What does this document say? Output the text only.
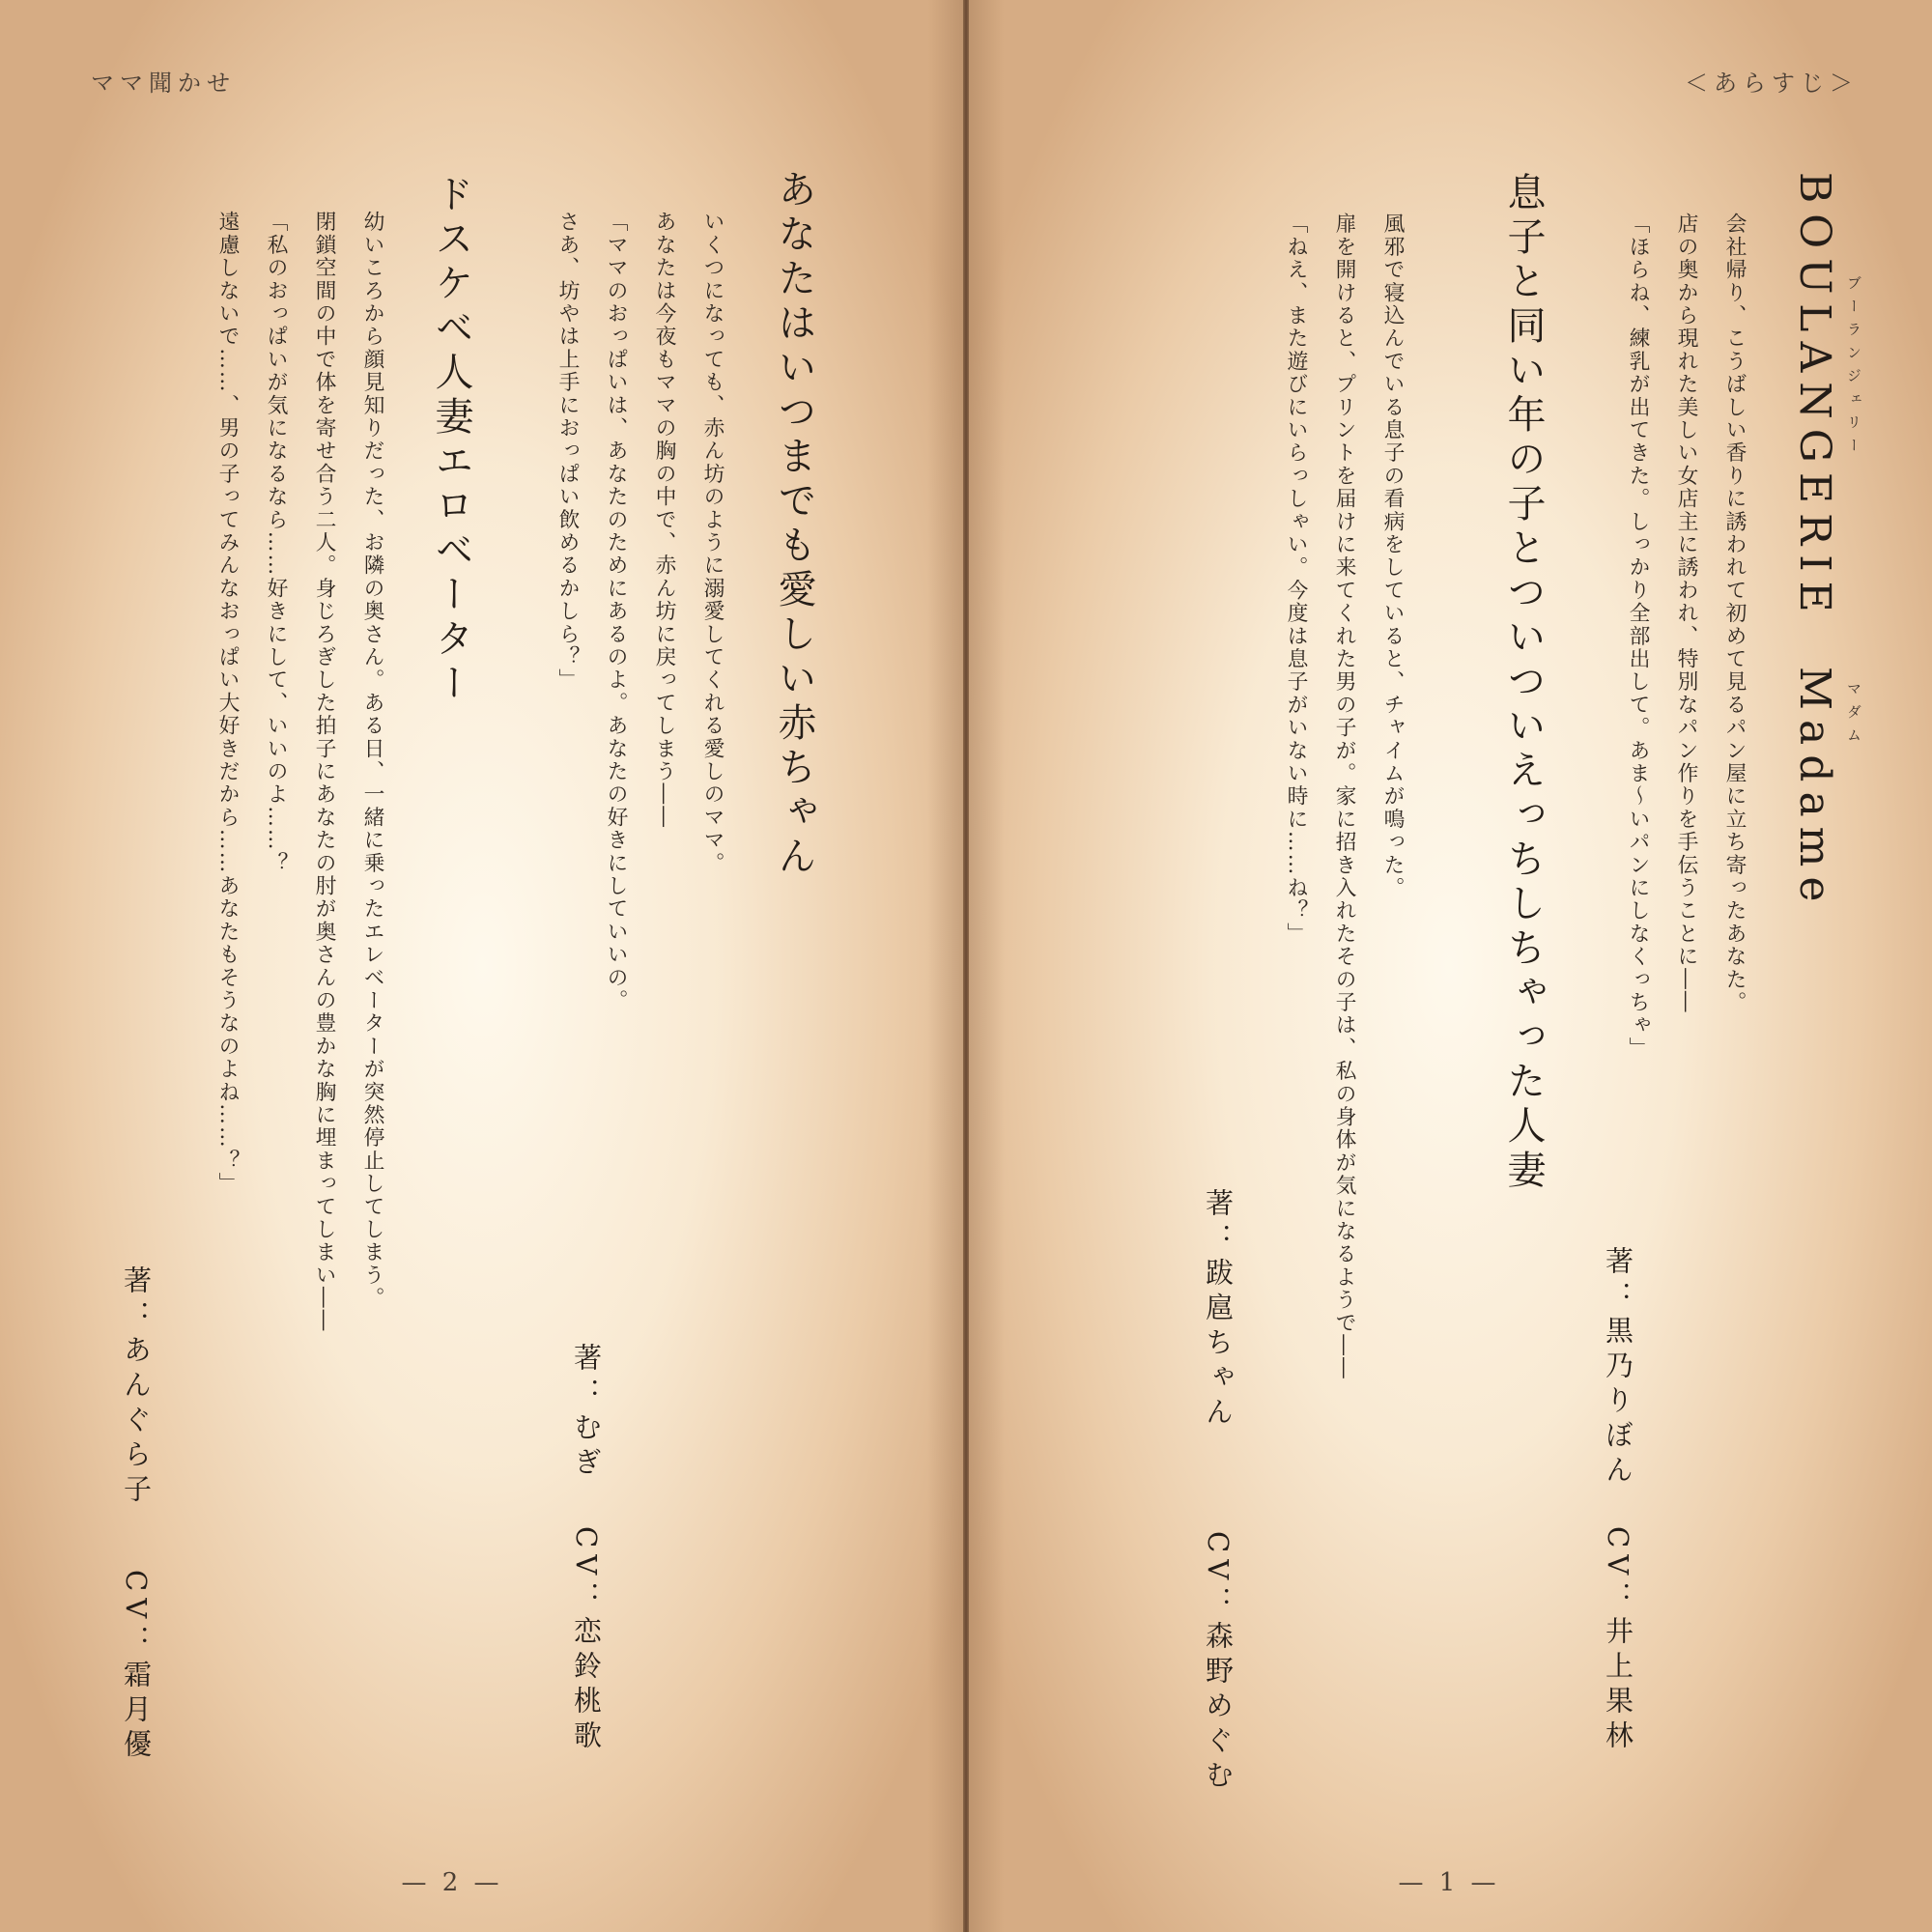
ママ聞かせ
あなたはいつまでも愛しい赤ちゃん
いくつになっても、赤ん坊のように溺愛してくれる愛しのママ。
あなたは今夜もママの胸の中で、赤ん坊に戻ってしまう――
「ママのおっぱいは、あなたのためにあるのよ。あなたの好きにしていいの。
さあ、坊やは上手におっぱい飲めるかしら？」
著：むぎ
CV：恋鈴桃歌
ドスケベ人妻エロベーター
幼いころから顔見知りだった、お隣の奥さん。ある日、一緒に乗ったエレベーターが突然停止してしまう。
閉鎖空間の中で体を寄せ合う二人。身じろぎした拍子にあなたの肘が奥さんの豊かな胸に埋まってしまい――
「私のおっぱいが気になるなら……好きにして、いいのよ……？
遠慮しないで……、男の子ってみんなおっぱい大好きだから……あなたもそうなのよね……？」
著：あんぐら子
CV：霜月優
— 2 —
＜あらすじ＞
BOULANGERIE Madame
ブーランジェリー
マダム
会社帰り、こうばしい香りに誘われて初めて見るパン屋に立ち寄ったあなた。
店の奥から現れた美しい女店主に誘われ、特別なパン作りを手伝うことに――
「ほらね、練乳が出てきた。しっかり全部出して。あま～いパンにしなくっちゃ」
著：黒乃りぼん
CV：井上果林
息子と同い年の子とついついえっちしちゃった人妻
風邪で寝込んでいる息子の看病をしていると、チャイムが鳴った。
扉を開けると、プリントを届けに来てくれた男の子が。家に招き入れたその子は、私の身体が気になるようで――
「ねえ、また遊びにいらっしゃい。今度は息子がいない時に……ね？」
著：跋扈ちゃん
CV：森野めぐむ
— 1 —
